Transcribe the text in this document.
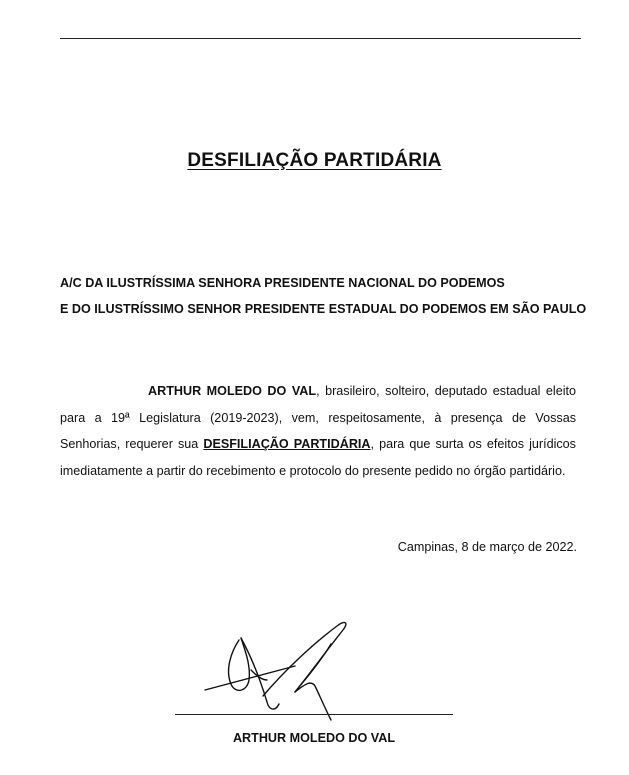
DESFILIAÇÃO PARTIDÁRIA
A/C DA ILUSTRÍSSIMA SENHORA PRESIDENTE NACIONAL DO PODEMOS
E DO ILUSTRÍSSIMO SENHOR PRESIDENTE ESTADUAL DO PODEMOS EM SÃO PAULO

ARTHUR MOLEDO DO VAL, brasileiro, solteiro, deputado estadual eleito para a 19ª Legislatura (2019-2023), vem, respeitosamente, à presença de Vossas Senhorias, requerer sua DESFILIAÇÃO PARTIDÁRIA, para que surta os efeitos jurídicos imediatamente a partir do recebimento e protocolo do presente pedido no órgão partidário.

Campinas, 8 de março de 2022.
ARTHUR MOLEDO DO VAL
